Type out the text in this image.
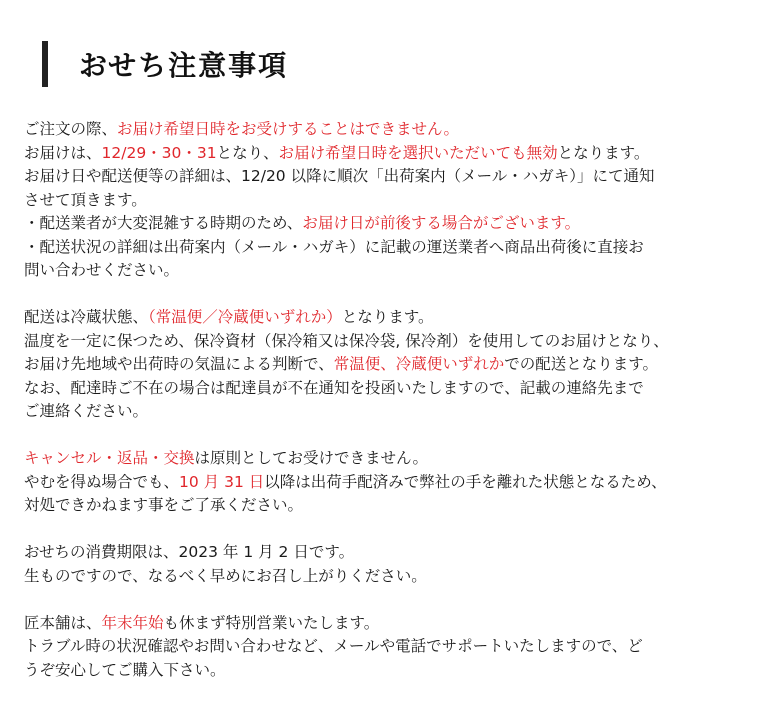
おせち注意事項
ご注文の際、お届け希望日時をお受けすることはできません。
お届けは、12/29・30・31となり、お届け希望日時を選択いただいても無効となります。
お届け日や配送便等の詳細は、12/20 以降に順次「出荷案内（メール・ハガキ）」にて通知
させて頂きます。
・配送業者が大変混雑する時期のため、お届け日が前後する場合がございます。
・配送状況の詳細は出荷案内（メール・ハガキ）に記載の運送業者へ商品出荷後に直接お
問い合わせください。
配送は冷蔵状態、（常温便／冷蔵便いずれか）となります。
温度を一定に保つため、保冷資材（保冷箱又は保冷袋, 保冷剤）を使用してのお届けとなり、
お届け先地域や出荷時の気温による判断で、常温便、冷蔵便いずれかでの配送となります。
なお、配達時ご不在の場合は配達員が不在通知を投函いたしますので、記載の連絡先まで
ご連絡ください。
キャンセル・返品・交換は原則としてお受けできません。
やむを得ぬ場合でも、10 月 31 日以降は出荷手配済みで弊社の手を離れた状態となるため、
対処できかねます事をご了承ください。
おせちの消費期限は、2023 年 1 月 2 日です。
生ものですので、なるべく早めにお召し上がりください。
匠本舗は、年末年始も休まず特別営業いたします。
トラブル時の状況確認やお問い合わせなど、メールや電話でサポートいたしますので、ど
うぞ安心してご購入下さい。
